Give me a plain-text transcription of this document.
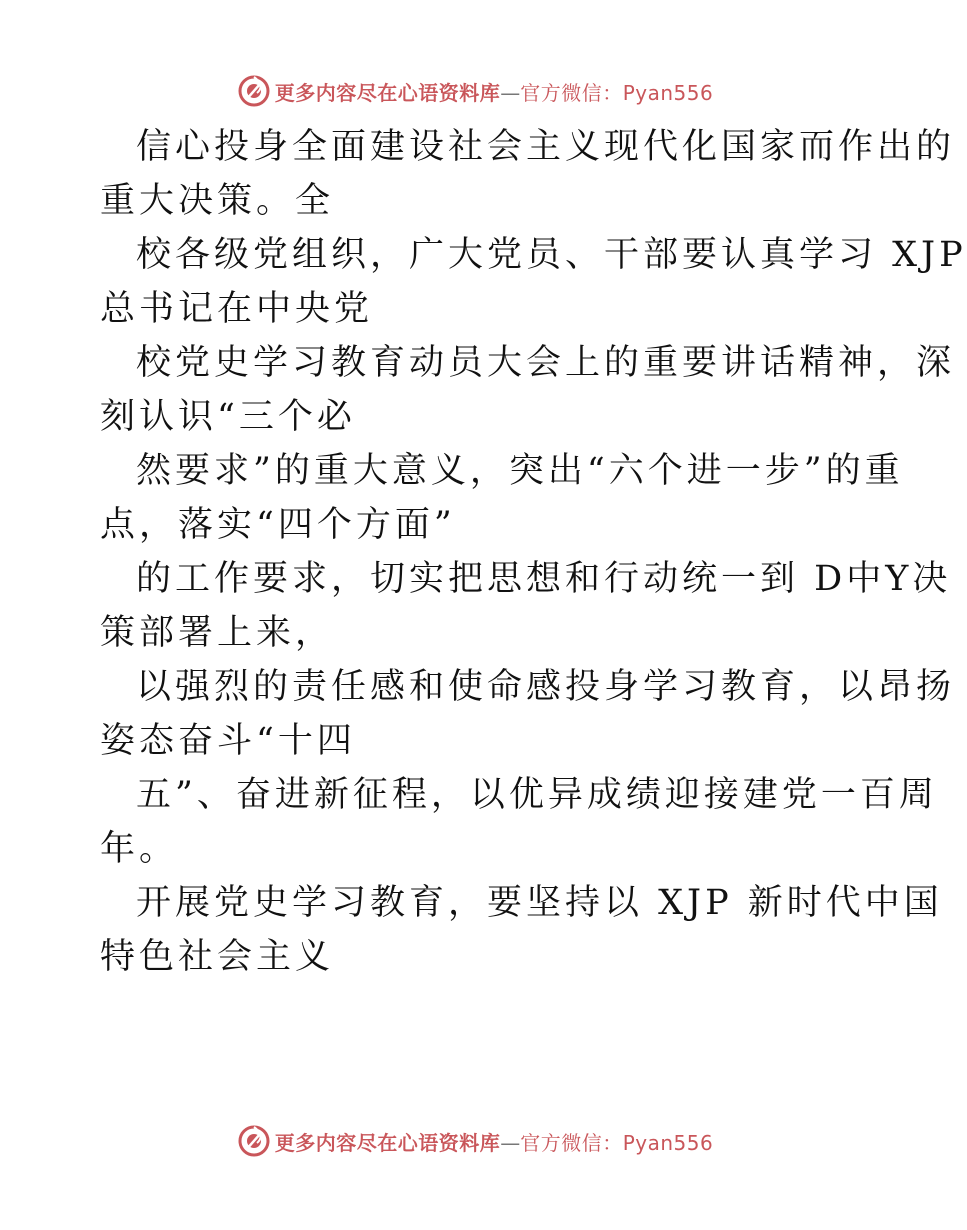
更多内容尽在心语资料库—官方微信：Pyan556
信心投身全面建设社会主义现代化国家而作出的
重大决策。全
校各级党组织，广大党员、干部要认真学习 XJP
总书记在中央党
校党史学习教育动员大会上的重要讲话精神，深
刻认识“三个必
然要求”的重大意义，突出“六个进一步”的重
点，落实“四个方面”
的工作要求，切实把思想和行动统一到 D中Y决
策部署上来，
以强烈的责任感和使命感投身学习教育，以昂扬
姿态奋斗“十四
五”、奋进新征程，以优异成绩迎接建党一百周
年。
开展党史学习教育，要坚持以 XJP 新时代中国
特色社会主义
更多内容尽在心语资料库—官方微信：Pyan556
